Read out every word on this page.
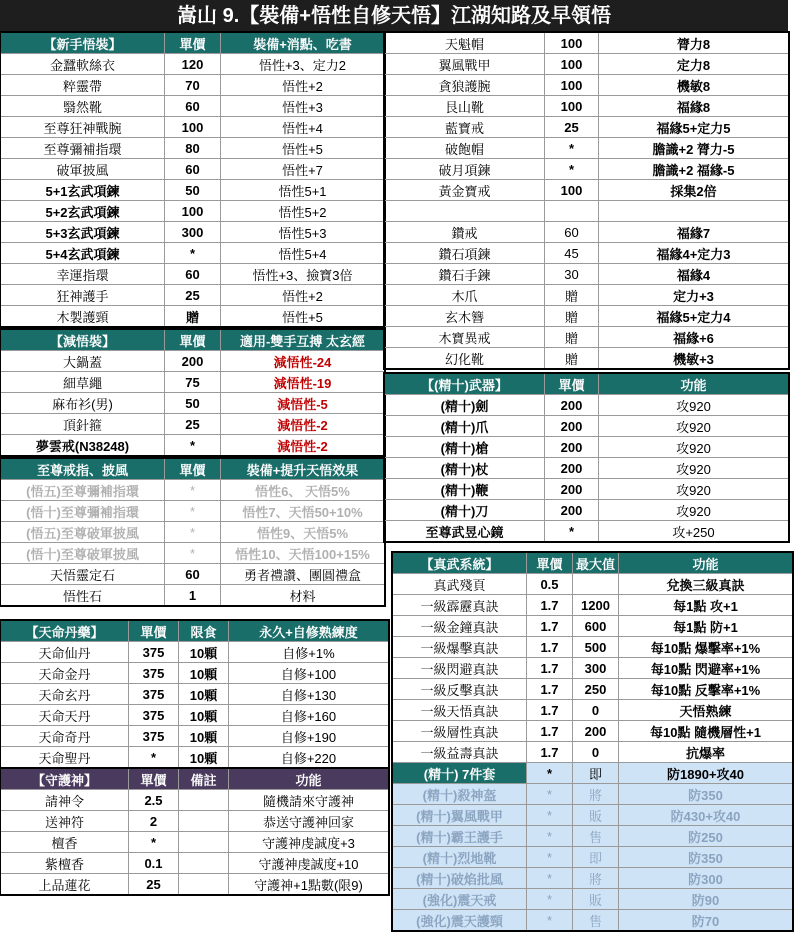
嵩山 9.【裝備+悟性自修天悟】江湖知路及早領悟
【新手悟裝】	單價	裝備+消點、吃書
金蠶軟絲衣	120	悟性+3、定力2
粹靈帶	70	悟性+2
翳然靴	60	悟性+3
至尊狂神戰腕	100	悟性+4
至尊彌補指環	80	悟性+5
破軍披風	60	悟性+7
5+1玄武項鍊	50	悟性5+1
5+2玄武項鍊	100	悟性5+2
5+3玄武項鍊	300	悟性5+3
5+4玄武項鍊	*	悟性5+4
幸運指環	60	悟性+3、撿寶3倍
狂神護手	25	悟性+2
木製護頸	贈	悟性+5
【減悟裝】	單價	適用-雙手互搏 太玄經
大鍋蓋	200	減悟性-24
細草繩	75	減悟性-19
麻布衫(男)	50	減悟性-5
頂針箍	25	減悟性-2
夢雲戒(N38248)	*	減悟性-2
至尊戒指、披風	單價	裝備+提升天悟效果
(悟五)至尊彌補指環	*	悟性6、 天悟5%
(悟十)至尊彌補指環	*	悟性7、天悟50+10%
(悟五)至尊破軍披風	*	悟性9、天悟5%
(悟十)至尊破軍披風	*	悟性10、天悟100+15%
天悟靈定石	60	勇者禮讚、團圓禮盒
悟性石	1	材料
【天命丹藥】	單價	限食	永久+自修熟練度
天命仙丹	375	10顆	自修+1%
天命金丹	375	10顆	自修+100
天命玄丹	375	10顆	自修+130
天命天丹	375	10顆	自修+160
天命奇丹	375	10顆	自修+190
天命聖丹	*	10顆	自修+220
【守護神】	單價	備註	功能
請神令	2.5		隨機請來守護神
送神符	2		恭送守護神回家
檀香	*		守護神虔誠度+3
紫檀香	0.1		守護神虔誠度+10
上品蓮花	25		守護神+1點數(限9)
天魁帽	100	膂力8
翼風戰甲	100	定力8
貪狼護腕	100	機敏8
艮山靴	100	福緣8
藍寶戒	25	福緣5+定力5
破飽帽	*	膽識+2 膂力-5
破月項鍊	*	膽識+2 福緣-5
黃金寶戒	100	採集2倍

鑽戒	60	福緣7
鑽石項鍊	45	福緣4+定力3
鑽石手鍊	30	福緣4
木爪	贈	定力+3
玄木簪	贈	福緣5+定力4
木寶異戒	贈	福緣+6
幻化靴	贈	機敏+3
【(精十)武器】	單價	功能
(精十)劍	200	攻920
(精十)爪	200	攻920
(精十)槍	200	攻920
(精十)杖	200	攻920
(精十)鞭	200	攻920
(精十)刀	200	攻920
至尊武昱心鏡	*	攻+250
【真武系統】	單價	最大值	功能
真武殘頁	0.5		兌換三級真訣
一級霹靂真訣	1.7	1200	每1點 攻+1
一級金鐘真訣	1.7	600	每1點 防+1
一級爆擊真訣	1.7	500	每10點 爆擊率+1%
一級閃避真訣	1.7	300	每10點 閃避率+1%
一級反擊真訣	1.7	250	每10點 反擊率+1%
一級天悟真訣	1.7	0	天悟熟練
一級層性真訣	1.7	200	每10點 隨機層性+1
一級益壽真訣	1.7	0	抗爆率
(精十) 7件套	*	即	防1890+攻40
(精十)殺神盔	*	將	防350
(精十)翼風戰甲	*	販	防430+攻40
(精十)霸王護手	*	售	防250
(精十)烈地靴	*	即	防350
(精十)破焰批風	*	將	防300
(強化)震天戒	*	販	防90
(強化)震天護頸	*	售	防70
